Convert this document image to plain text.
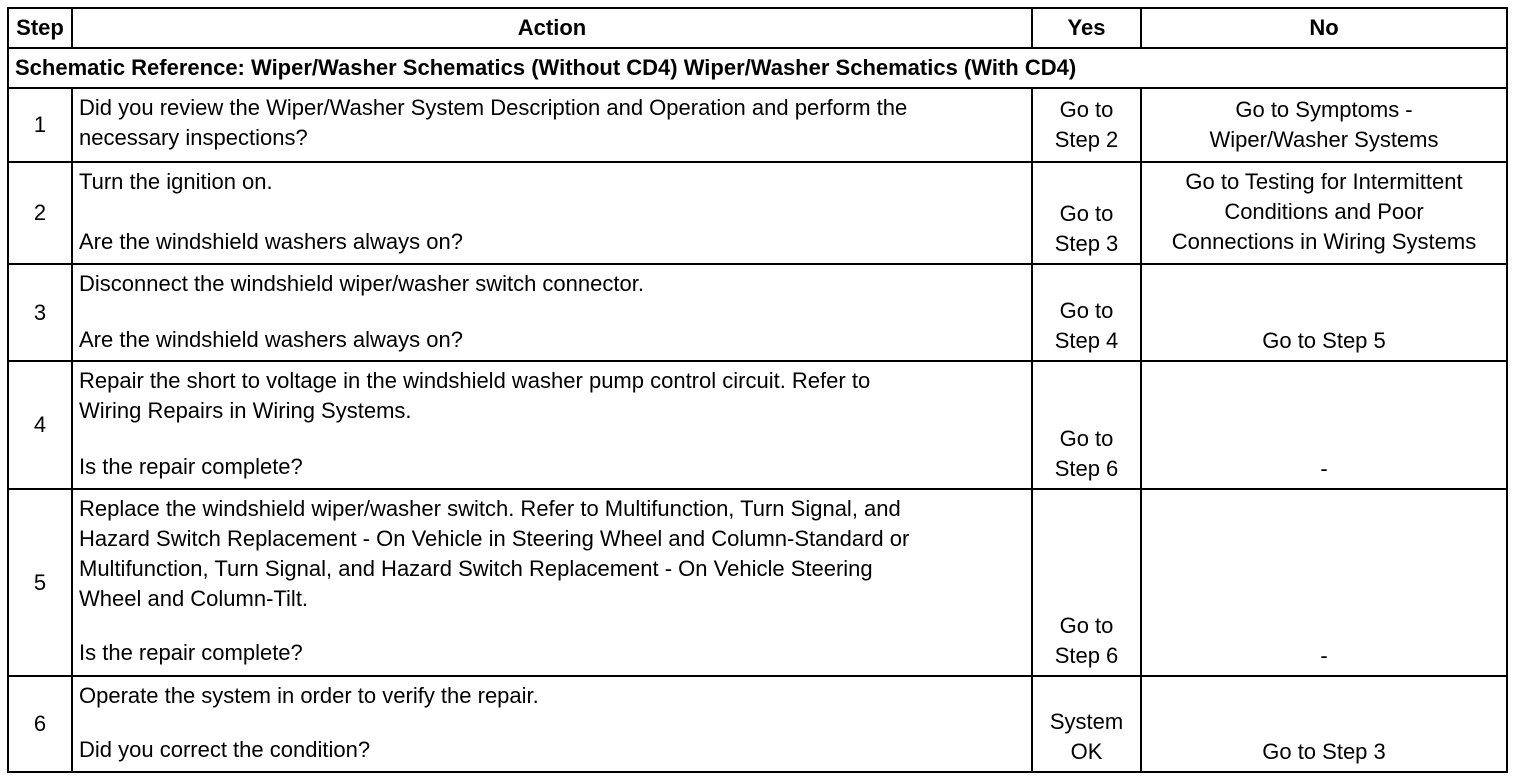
Step	Action	Yes	No
Schematic Reference: Wiper/Washer Schematics (Without CD4) Wiper/Washer Schematics (With CD4)			
1	Did you review the Wiper/Washer System Description and Operation and perform the
necessary inspections?	Go to
Step 2	Go to Symptoms -
Wiper/Washer Systems

2	Turn the ignition on.
Are the windshield washers always on?	Go to
Step 3	Go to Testing for Intermittent
Conditions and Poor
Connections in Wiring Systems

3	Disconnect the windshield wiper/washer switch connector.
Are the windshield washers always on?	Go to
Step 4	Go to Step 5

4	Repair the short to voltage in the windshield washer pump control circuit. Refer to
Wiring Repairs in Wiring Systems.
Is the repair complete?	Go to
Step 6	-

5	Replace the windshield wiper/washer switch. Refer to Multifunction, Turn Signal, and
Hazard Switch Replacement - On Vehicle in Steering Wheel and Column-Standard or
Multifunction, Turn Signal, and Hazard Switch Replacement - On Vehicle Steering
Wheel and Column-Tilt.
Is the repair complete?	Go to
Step 6	-

6	Operate the system in order to verify the repair.
Did you correct the condition?	System
OK	Go to Step 3
